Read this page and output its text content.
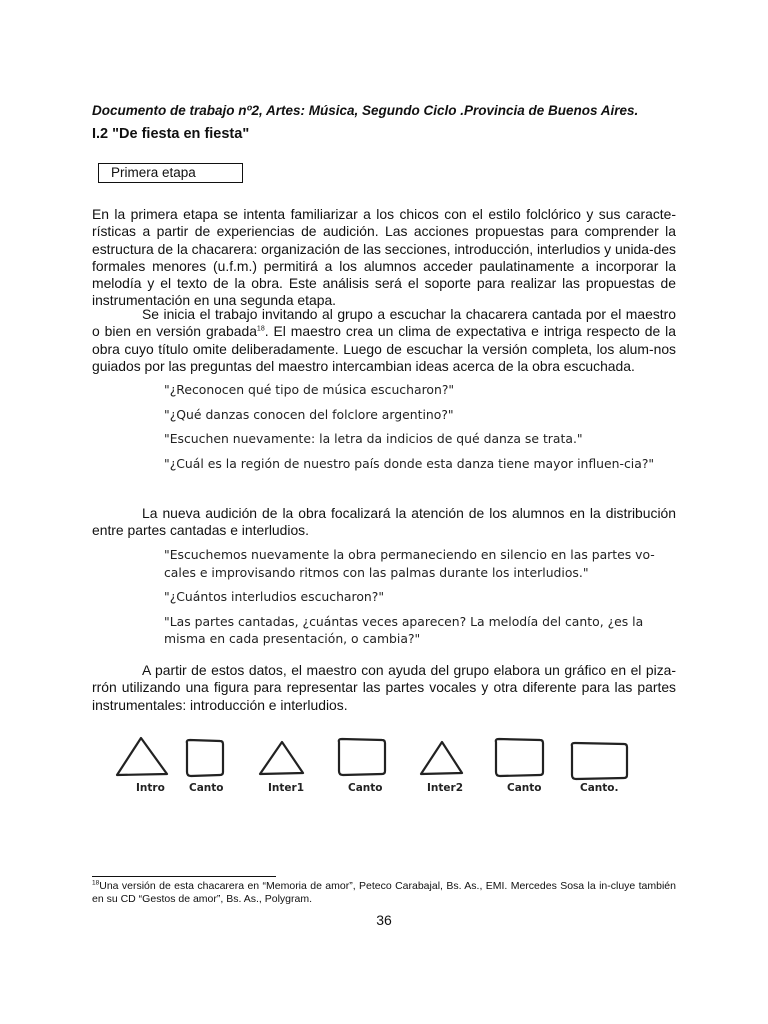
Documento de trabajo nº2, Artes: Música, Segundo Ciclo .Provincia de Buenos Aires.
I.2 "De fiesta en fiesta"
Primera etapa
En la primera etapa se intenta familiarizar a los chicos con el estilo folclórico y sus caracte-rísticas a partir de experiencias de audición. Las acciones propuestas para comprender la estructura de la chacarera: organización de las secciones, introducción, interludios y unida-des formales menores (u.f.m.) permitirá a los alumnos acceder paulatinamente a incorporar la melodía y el texto de la obra. Este análisis será el soporte para realizar las propuestas de instrumentación en una segunda etapa.
Se inicia el trabajo invitando al grupo a escuchar la chacarera cantada por el maestro o bien en versión grabada$^{18}$. El maestro crea un clima de expectativa e intriga respecto de la obra cuyo título omite deliberadamente. Luego de escuchar la versión completa, los alum-nos guiados por las preguntas del maestro intercambian ideas acerca de la obra escuchada.

"¿Reconocen qué tipo de música escucharon?"

"¿Qué danzas conocen del folclore argentino?"

"Escuchen nuevamente: la letra da indicios de qué danza se trata."

"¿Cuál es la región de nuestro país donde esta danza tiene mayor influen-cia?"

La nueva audición de la obra focalizará la atención de los alumnos en la distribución entre partes cantadas e interludios.

"Escuchemos nuevamente la obra permaneciendo en silencio en las partes vo-cales e improvisando ritmos con las palmas durante los interludios."

"¿Cuántos interludios escucharon?"

"Las partes cantadas, ¿cuántas veces aparecen? La melodía del canto, ¿es la misma en cada presentación, o cambia?"

A partir de estos datos, el maestro con ayuda del grupo elabora un gráfico en el piza-rrón utilizando una figura para representar las partes vocales y otra diferente para las partes instrumentales: introducción e interludios.
Intro Canto	Inter1	Canto	Inter2	Canto	Canto.
$^{18}$Una versión de esta chacarera en “Memoria de amor”, Peteco Carabajal, Bs. As., EMI. Mercedes Sosa la in-cluye también en su CD “Gestos de amor”, Bs. As., Polygram.
36
